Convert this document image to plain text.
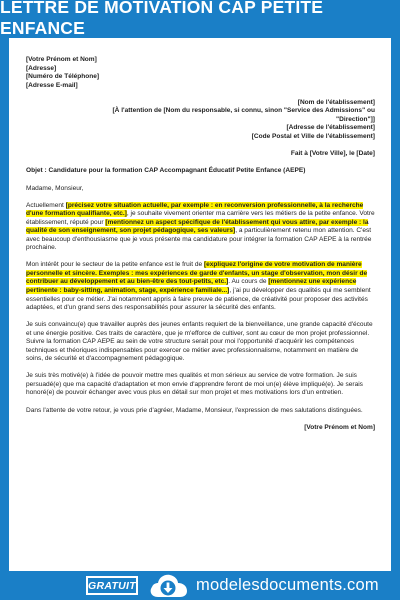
LETTRE DE MOTIVATION CAP PETITE ENFANCE
[Votre Prénom et Nom]
[Adresse]
[Numéro de Téléphone]
[Adresse E-mail]
[Nom de l'établissement]
[À l'attention de [Nom du responsable, si connu, sinon "Service des Admissions" ou
"Direction"]]
[Adresse de l'établissement]
[Code Postal et Ville de l'établissement]
Fait à [Votre Ville], le [Date]
Objet : Candidature pour la formation CAP Accompagnant Éducatif Petite Enfance (AEPE)
Madame, Monsieur,
Actuellement [précisez votre situation actuelle, par exemple : en reconversion professionnelle, à la recherche d'une formation qualifiante, etc.], je souhaite vivement orienter ma carrière vers les métiers de la petite enfance. Votre établissement, réputé pour [mentionnez un aspect spécifique de l'établissement qui vous attire, par exemple : la qualité de son enseignement, son projet pédagogique, ses valeurs], a particulièrement retenu mon attention. C'est avec beaucoup d'enthousiasme que je vous présente ma candidature pour intégrer la formation CAP AEPE à la rentrée prochaine.
Mon intérêt pour le secteur de la petite enfance est le fruit de [expliquez l'origine de votre motivation de manière personnelle et sincère. Exemples : mes expériences de garde d'enfants, un stage d'observation, mon désir de contribuer au développement et au bien-être des tout-petits, etc.]. Au cours de [mentionnez une expérience pertinente : baby-sitting, animation, stage, expérience familiale...], j'ai pu développer des qualités qui me semblent essentielles pour ce métier. J'ai notamment appris à faire preuve de patience, de créativité pour proposer des activités adaptées, et d'un grand sens des responsabilités pour assurer la sécurité des enfants.
Je suis convaincu(e) que travailler auprès des jeunes enfants requiert de la bienveillance, une grande capacité d'écoute et une énergie positive. Ces traits de caractère, que je m'efforce de cultiver, sont au cœur de mon projet professionnel. Suivre la formation CAP AEPE au sein de votre structure serait pour moi l'opportunité d'acquérir les compétences techniques et théoriques indispensables pour exercer ce métier avec professionnalisme, notamment en matière de soins, de sécurité et d'accompagnement pédagogique.
Je suis très motivé(e) à l'idée de pouvoir mettre mes qualités et mon sérieux au service de votre formation. Je suis persuadé(e) que ma capacité d'adaptation et mon envie d'apprendre feront de moi un(e) élève impliqué(e). Je serais honoré(e) de pouvoir échanger avec vous plus en détail sur mon projet et mes motivations lors d'un entretien.
Dans l'attente de votre retour, je vous prie d'agréer, Madame, Monsieur, l'expression de mes salutations distinguées.
[Votre Prénom et Nom]
GRATUIT	modelesdocuments.com
